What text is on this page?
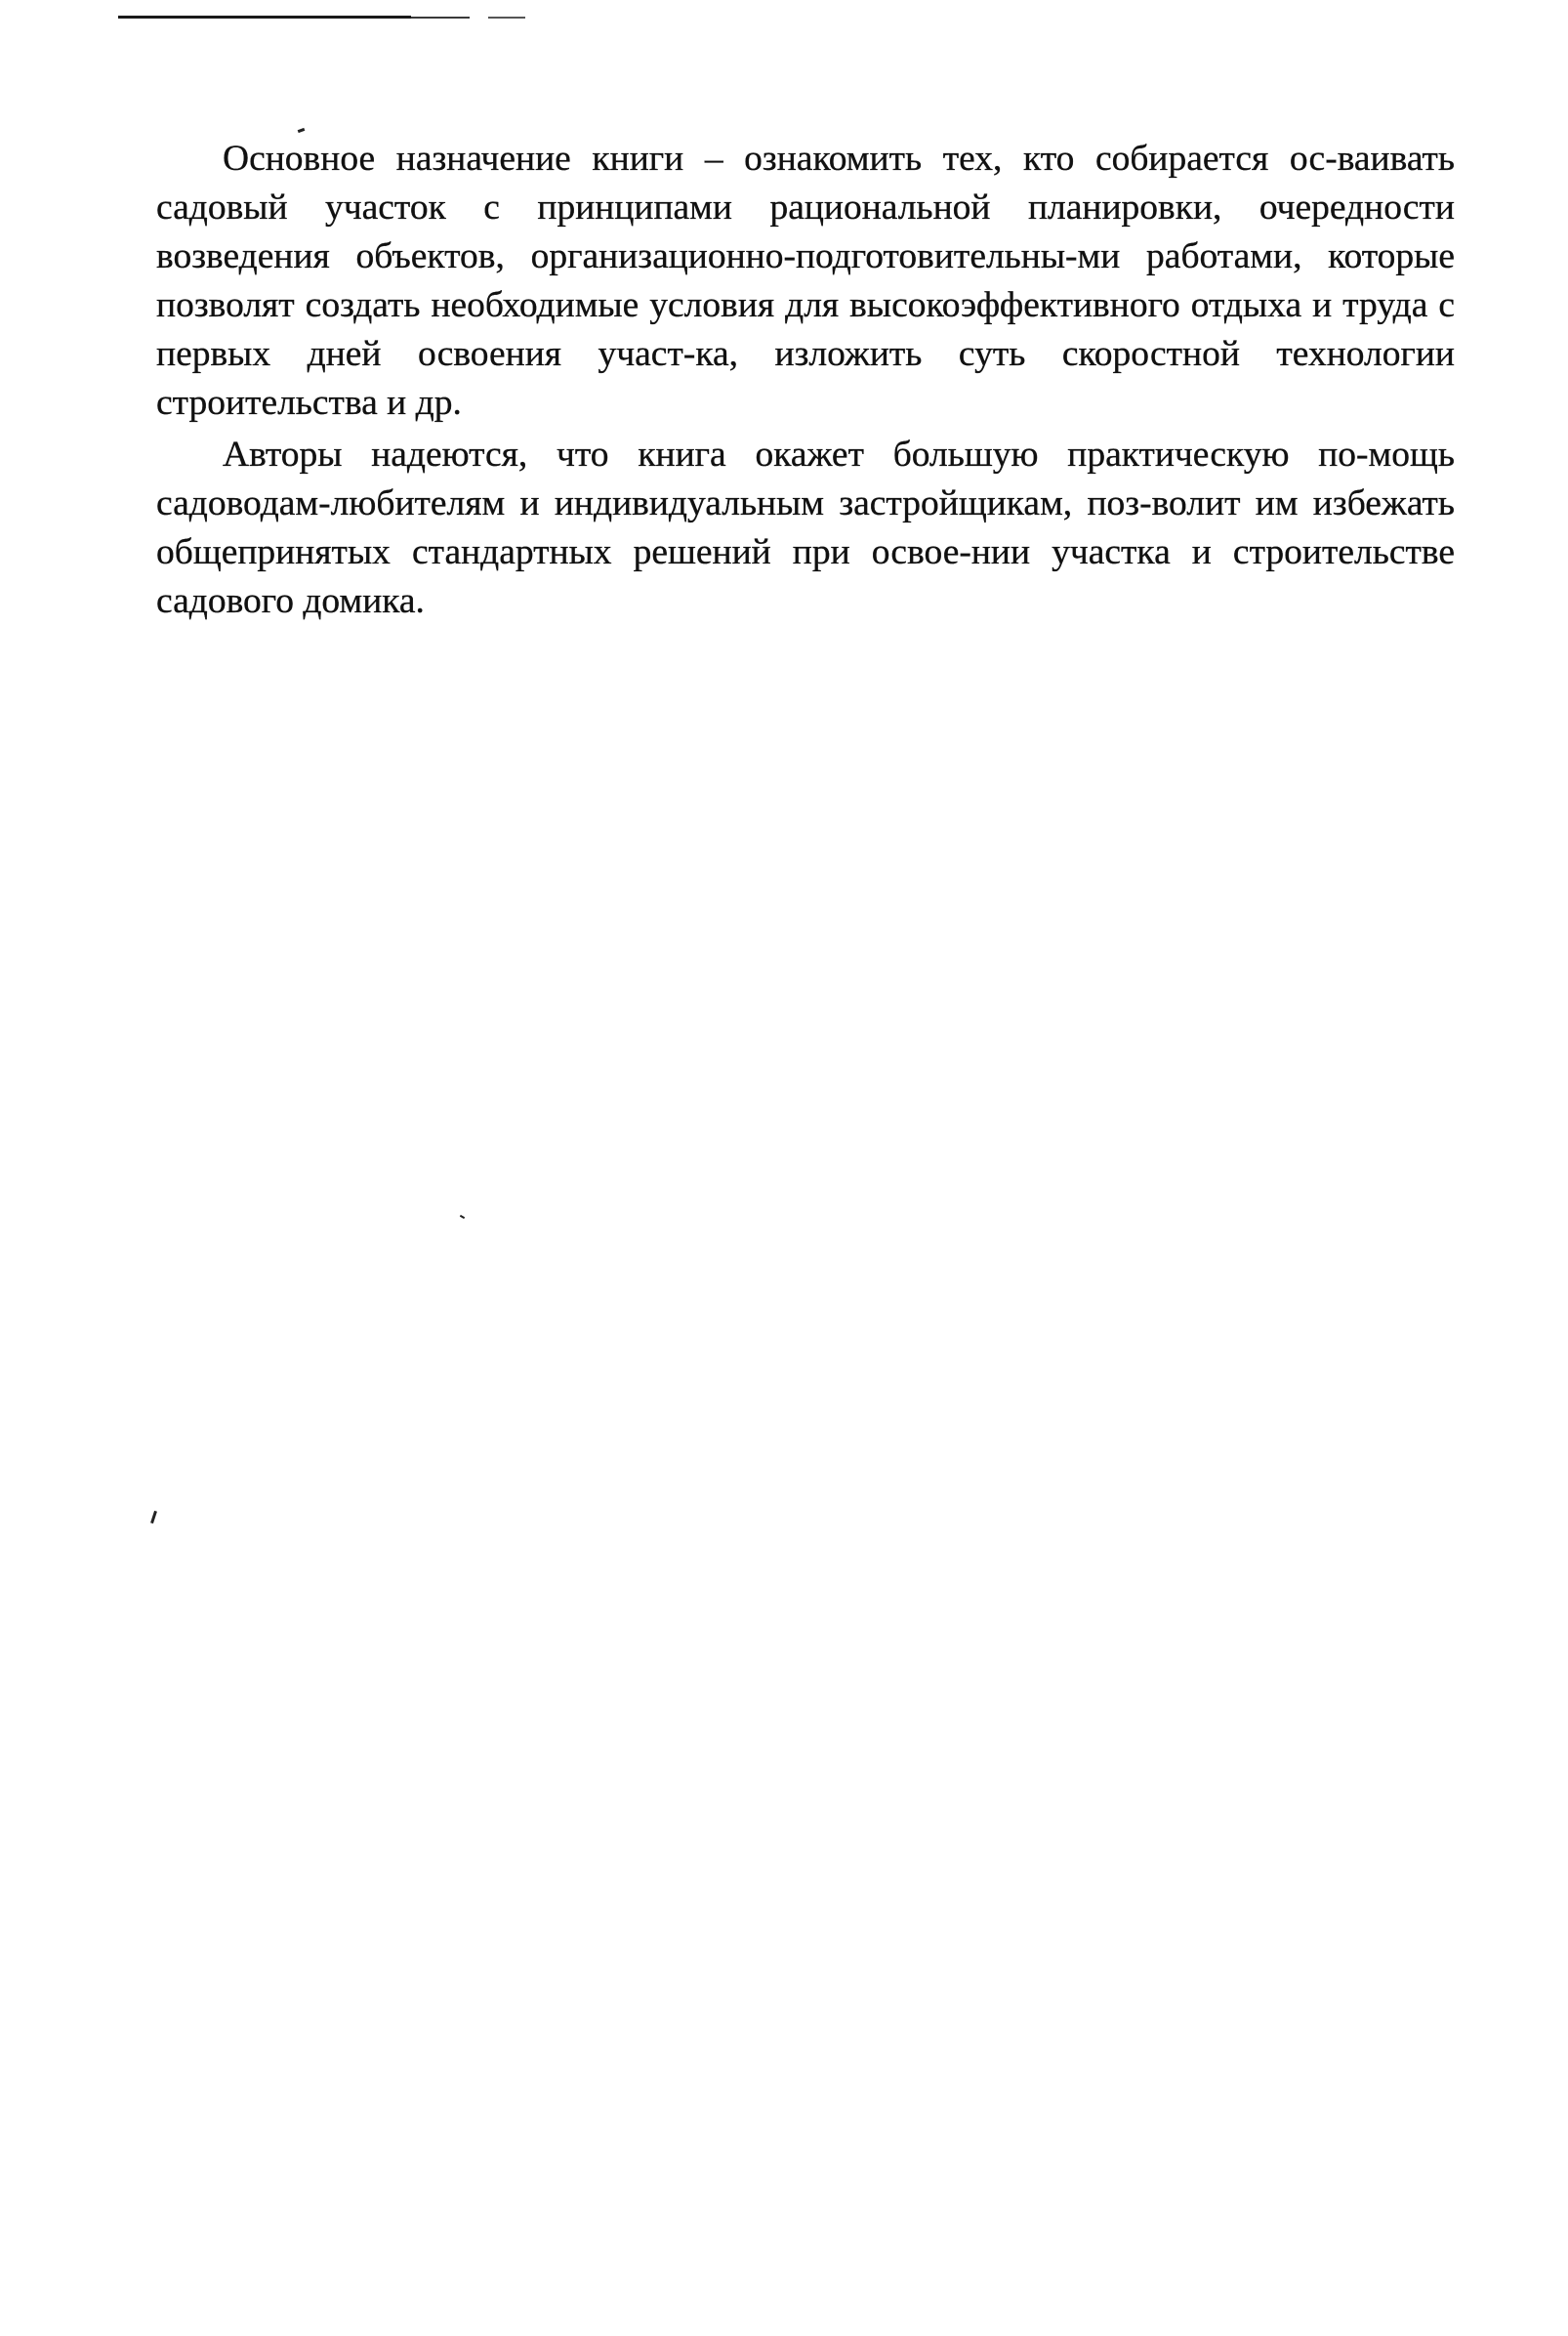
Основное назначение книги – ознакомить тех, кто собирается ос-ваивать садовый участок с принципами рациональной планировки, очередности возведения объектов, организационно-подготовительны-ми работами, которые позволят создать необходимые условия для высокоэффективного отдыха и труда с первых дней освоения участ-ка, изложить суть скоростной технологии строительства и др.

Авторы надеются, что книга окажет большую практическую по-мощь садоводам-любителям и индивидуальным застройщикам, поз-волит им избежать общепринятых стандартных решений при освое-нии участка и строительстве садового домика.
